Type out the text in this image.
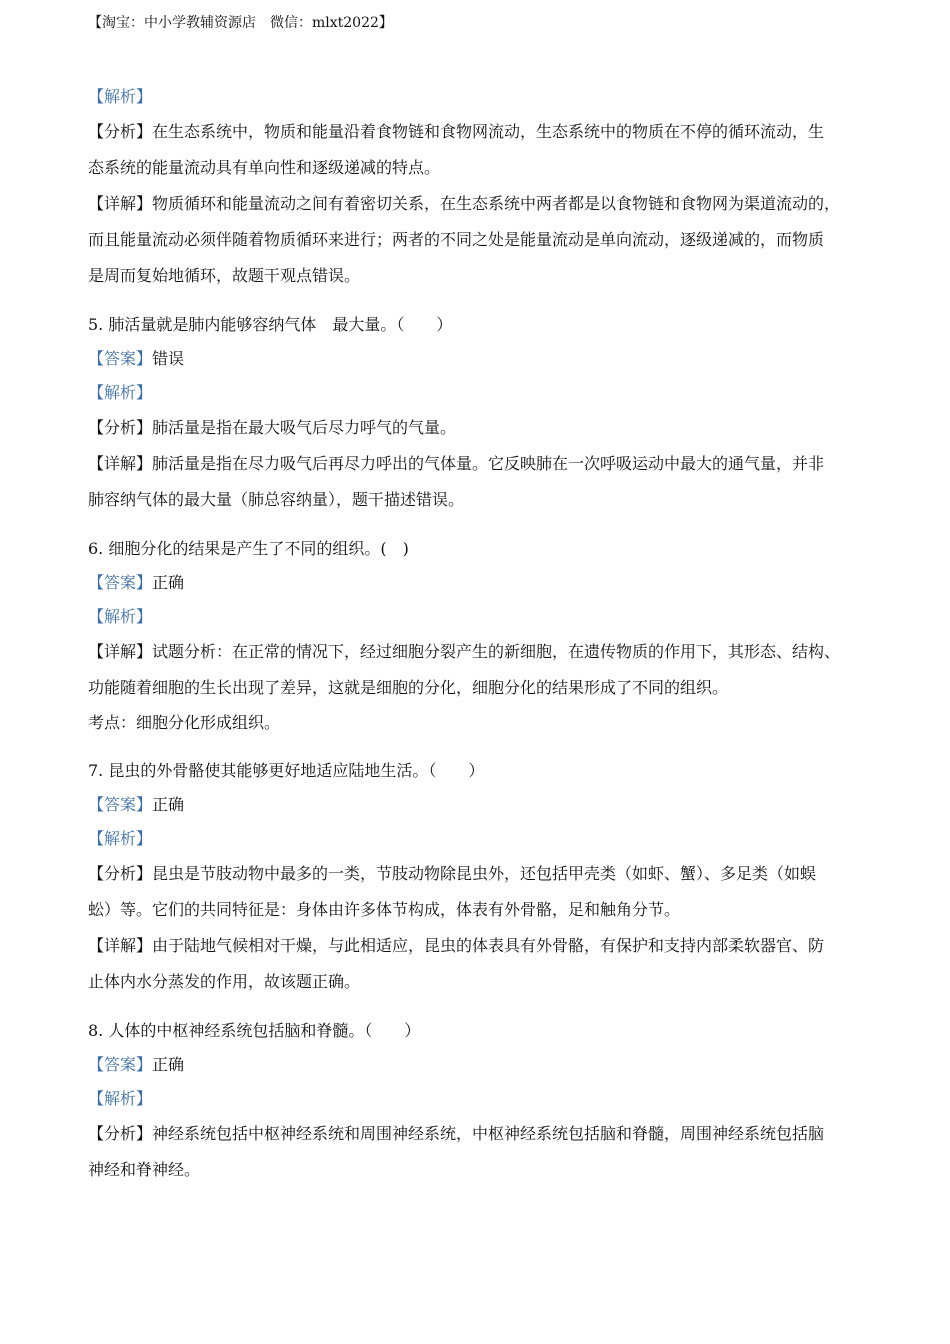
【淘宝：中小学教辅资源店　微信：mlxt2022】
【解析】
【分析】在生态系统中，物质和能量沿着食物链和食物网流动，生态系统中的物质在不停的循环流动，生
态系统的能量流动具有单向性和逐级递减的特点。
【详解】物质循环和能量流动之间有着密切关系，在生态系统中两者都是以食物链和食物网为渠道流动的，
而且能量流动必须伴随着物质循环来进行；两者的不同之处是能量流动是单向流动，逐级递减的，而物质
是周而复始地循环，故题干观点错误。
5. 肺活量就是肺内能够容纳气体　最大量。（　　）
【答案】错误
【解析】
【分析】肺活量是指在最大吸气后尽力呼气的气量。
【详解】肺活量是指在尽力吸气后再尽力呼出的气体量。它反映肺在一次呼吸运动中最大的通气量，并非
肺容纳气体的最大量（肺总容纳量），题干描述错误。
6. 细胞分化的结果是产生了不同的组织。(　)
【答案】正确
【解析】
【详解】试题分析：在正常的情况下，经过细胞分裂产生的新细胞，在遗传物质的作用下，其形态、结构、
功能随着细胞的生长出现了差异，这就是细胞的分化，细胞分化的结果形成了不同的组织。
考点：细胞分化形成组织。
7. 昆虫的外骨骼使其能够更好地适应陆地生活。（　　）
【答案】正确
【解析】
【分析】昆虫是节肢动物中最多的一类，节肢动物除昆虫外，还包括甲壳类（如虾、蟹）、多足类（如蜈
蚣）等。它们的共同特征是：身体由许多体节构成，体表有外骨骼，足和触角分节。
【详解】由于陆地气候相对干燥，与此相适应，昆虫的体表具有外骨骼，有保护和支持内部柔软器官、防
止体内水分蒸发的作用，故该题正确。
8. 人体的中枢神经系统包括脑和脊髓。（　　）
【答案】正确
【解析】
【分析】神经系统包括中枢神经系统和周围神经系统，中枢神经系统包括脑和脊髓，周围神经系统包括脑
神经和脊神经。
